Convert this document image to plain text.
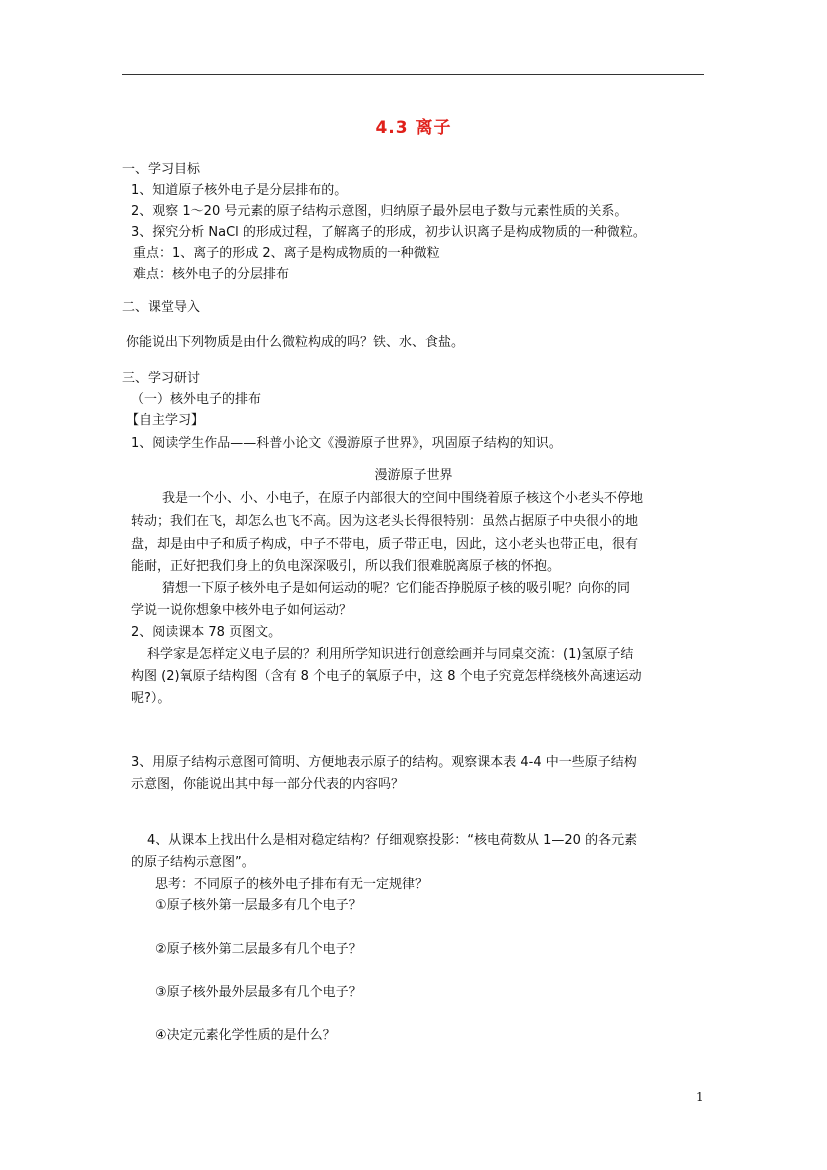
4.3 离子
一、学习目标
1、知道原子核外电子是分层排布的。
2、观察 1～20 号元素的原子结构示意图，归纳原子最外层电子数与元素性质的关系。
3、探究分析 NaCl 的形成过程，了解离子的形成，初步认识离子是构成物质的一种微粒。
重点：1、离子的形成 2、离子是构成物质的一种微粒
难点：核外电子的分层排布
二、课堂导入
你能说出下列物质是由什么微粒构成的吗？铁、水、食盐。
三、学习研讨
（一）核外电子的排布
【自主学习】
1、阅读学生作品——科普小论文《漫游原子世界》，巩固原子结构的知识。
漫游原子世界
我是一个小、小、小电子，在原子内部很大的空间中围绕着原子核这个小老头不停地
转动；我们在飞，却怎么也飞不高。因为这老头长得很特别：虽然占据原子中央很小的地
盘，却是由中子和质子构成，中子不带电，质子带正电，因此，这小老头也带正电，很有
能耐，正好把我们身上的负电深深吸引，所以我们很难脱离原子核的怀抱。
猜想一下原子核外电子是如何运动的呢？它们能否挣脱原子核的吸引呢？向你的同
学说一说你想象中核外电子如何运动？
2、阅读课本 78 页图文。
科学家是怎样定义电子层的？利用所学知识进行创意绘画并与同桌交流：(1)氢原子结
构图 (2)氧原子结构图（含有 8 个电子的氧原子中，这 8 个电子究竟怎样绕核外高速运动
呢?）。
3、用原子结构示意图可简明、方便地表示原子的结构。观察课本表 4-4 中一些原子结构
示意图，你能说出其中每一部分代表的内容吗？
4、从课本上找出什么是相对稳定结构？仔细观察投影：“核电荷数从 1—20 的各元素
的原子结构示意图”。
思考：不同原子的核外电子排布有无一定规律？
①原子核外第一层最多有几个电子？
②原子核外第二层最多有几个电子？
③原子核外最外层最多有几个电子？
④决定元素化学性质的是什么？
1
